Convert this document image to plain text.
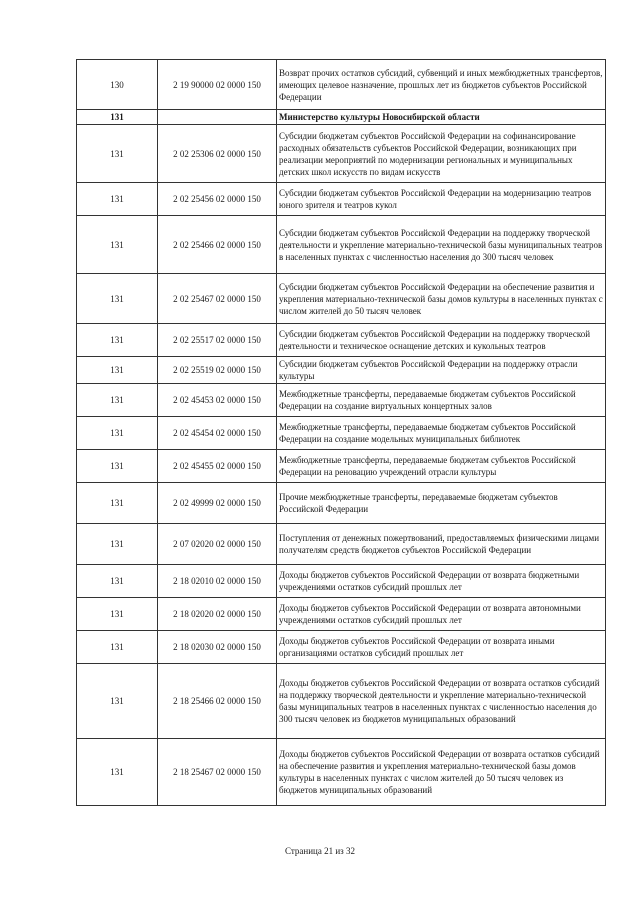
130	2 19 90000 02 0000 150	Возврат прочих остатков субсидий, субвенций и иных межбюджетных трансфертов, имеющих целевое назначение, прошлых лет из бюджетов субъектов Российской Федерации
131		Министерство культуры Новосибирской области
131	2 02 25306 02 0000 150	Субсидии бюджетам субъектов Российской Федерации на софинансирование расходных обязательств субъектов Российской Федерации, возникающих при реализации мероприятий по модернизации региональных и муниципальных детских школ искусств по видам искусств
131	2 02 25456 02 0000 150	Субсидии бюджетам субъектов Российской Федерации на модернизацию театров юного зрителя и театров кукол
131	2 02 25466 02 0000 150	Субсидии бюджетам субъектов Российской Федерации на поддержку творческой деятельности и укрепление материально-технической базы муниципальных театров в населенных пунктах с численностью населения до 300 тысяч человек
131	2 02 25467 02 0000 150	Субсидии бюджетам субъектов Российской Федерации на обеспечение развития и укрепления материально-технической базы домов культуры в населенных пунктах с числом жителей до 50 тысяч человек
131	2 02 25517 02 0000 150	Субсидии бюджетам субъектов Российской Федерации на поддержку творческой деятельности и техническое оснащение детских и кукольных театров
131	2 02 25519 02 0000 150	Субсидии бюджетам субъектов Российской Федерации на поддержку отрасли культуры
131	2 02 45453 02 0000 150	Межбюджетные трансферты, передаваемые бюджетам субъектов Российской Федерации на создание виртуальных концертных залов
131	2 02 45454 02 0000 150	Межбюджетные трансферты, передаваемые бюджетам субъектов Российской Федерации на создание модельных муниципальных библиотек
131	2 02 45455 02 0000 150	Межбюджетные трансферты, передаваемые бюджетам субъектов Российской Федерации на реновацию учреждений отрасли культуры
131	2 02 49999 02 0000 150	Прочие межбюджетные трансферты, передаваемые бюджетам субъектов Российской Федерации
131	2 07 02020 02 0000 150	Поступления от денежных пожертвований, предоставляемых физическими лицами получателям средств бюджетов субъектов Российской Федерации
131	2 18 02010 02 0000 150	Доходы бюджетов субъектов Российской Федерации от возврата бюджетными учреждениями остатков субсидий прошлых лет
131	2 18 02020 02 0000 150	Доходы бюджетов субъектов Российской Федерации от возврата автономными учреждениями остатков субсидий прошлых лет
131	2 18 02030 02 0000 150	Доходы бюджетов субъектов Российской Федерации от возврата иными организациями остатков субсидий прошлых лет
131	2 18 25466 02 0000 150	Доходы бюджетов субъектов Российской Федерации от возврата остатков субсидий на поддержку творческой деятельности и укрепление материально-технической базы муниципальных театров в населенных пунктах с численностью населения до 300 тысяч человек из бюджетов муниципальных образований
131	2 18 25467 02 0000 150	Доходы бюджетов субъектов Российской Федерации от возврата остатков субсидий на обеспечение развития и укрепления материально-технической базы домов культуры в населенных пунктах с числом жителей до 50 тысяч человек из бюджетов муниципальных образований
Страница 21 из 32
